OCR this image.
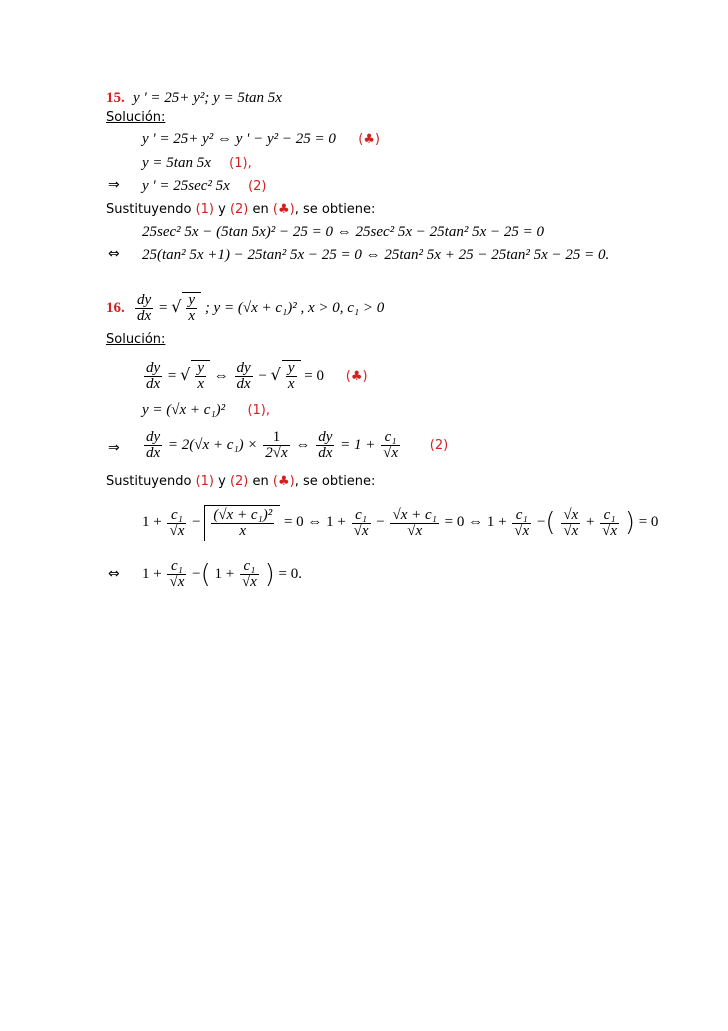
15. y ' = 25+ y²; y = 5tan 5x
Solución:
y ' = 25+ y² ⇔ y ' − y² − 25 = 0 (♣)
y = 5tan 5x (1),
⇒ y ' = 25sec² 5x (2)
Sustituyendo (1) y (2) en (♣), se obtiene:
25sec² 5x − (5tan 5x)² − 25 = 0 ⇔ 25sec² 5x − 25tan² 5x − 25 = 0
⇔ 25(tan² 5x +1) − 25tan² 5x − 25 = 0 ⇔ 25tan² 5x + 25 − 25tan² 5x − 25 = 0.
16. $\frac{dy}{dx}$ = √ $\frac{y}{x}$ ; y = (√x + c₁)² , x > 0, c₁ > 0
Solución:
$\frac{dy}{dx}$ = √ $\frac{y}{x}$ ⇔ $\frac{dy}{dx}$ − √ $\frac{y}{x} = 0$ (♣)
y = (√x + c₁)² (1),
⇒ $\frac{dy}{dx} = 2(√x + c_1) \times \frac{1}{2√x}$ ⇔ $\frac{dy}{dx} = 1 + \frac{\text{c₁}}{√x} (2)$
Sustituyendo (1) y (2) en (♣), se obtiene:
$1 + \frac{\text{c₁}}{√x} - \frac{\text{(√x + c₁)²}}{x} = 0$ ⇔ $1 + \frac{\text{c₁}}{√x} - \frac{\text{√x + c₁}}{√x} = 0$ ⇔ $1 + \frac{\text{c₁}}{√x}$ −( $\frac{√x}{√x} + \frac{\text{c₁}}{√x}$ ) = 0
⇔ $1 + \frac{\text{c₁}}{√x}$ −( $1 + \frac{\text{c₁}}{√x}$ ) = 0.
